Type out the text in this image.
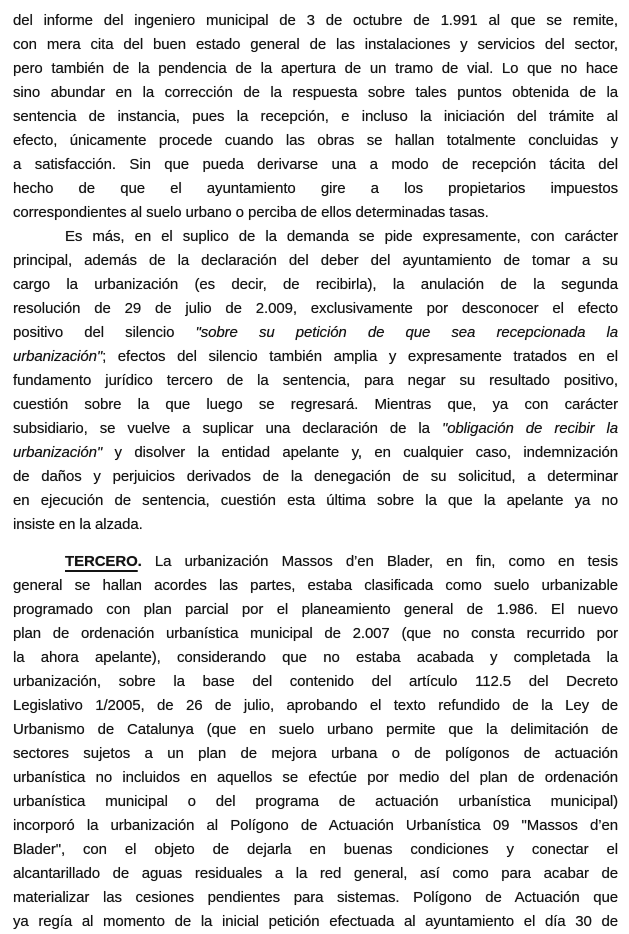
del informe del ingeniero municipal de 3 de octubre de 1.991 al que se remite,
con mera cita del buen estado general de las instalaciones y servicios del sector,
pero también de la pendencia de la apertura de un tramo de vial. Lo que no hace
sino abundar en la corrección de la respuesta sobre tales puntos obtenida de la
sentencia de instancia, pues la recepción, e incluso la iniciación del trámite al
efecto, únicamente procede cuando las obras se hallan totalmente concluidas y
a satisfacción. Sin que pueda derivarse una a modo de recepción tácita del
hecho de que el ayuntamiento gire a los propietarios impuestos
correspondientes al suelo urbano o perciba de ellos determinadas tasas.
Es más, en el suplico de la demanda se pide expresamente, con carácter
principal, además de la declaración del deber del ayuntamiento de tomar a su
cargo la urbanización (es decir, de recibirla), la anulación de la segunda
resolución de 29 de julio de 2.009, exclusivamente por desconocer el efecto
positivo del silencio "sobre su petición de que sea recepcionada la
urbanización"; efectos del silencio también amplia y expresamente tratados en el
fundamento jurídico tercero de la sentencia, para negar su resultado positivo,
cuestión sobre la que luego se regresará. Mientras que, ya con carácter
subsidiario, se vuelve a suplicar una declaración de la "obligación de recibir la
urbanización" y disolver la entidad apelante y, en cualquier caso, indemnización
de daños y perjuicios derivados de la denegación de su solicitud, a determinar
en ejecución de sentencia, cuestión esta última sobre la que la apelante ya no
insiste en la alzada.
TERCERO. La urbanización Massos d’en Blader, en fin, como en tesis
general se hallan acordes las partes, estaba clasificada como suelo urbanizable
programado con plan parcial por el planeamiento general de 1.986. El nuevo
plan de ordenación urbanística municipal de 2.007 (que no consta recurrido por
la ahora apelante), considerando que no estaba acabada y completada la
urbanización, sobre la base del contenido del artículo 112.5 del Decreto
Legislativo 1/2005, de 26 de julio, aprobando el texto refundido de la Ley de
Urbanismo de Catalunya (que en suelo urbano permite que la delimitación de
sectores sujetos a un plan de mejora urbana o de polígonos de actuación
urbanística no incluidos en aquellos se efectúe por medio del plan de ordenación
urbanística municipal o del programa de actuación urbanística municipal)
incorporó la urbanización al Polígono de Actuación Urbanística 09 "Massos d’en
Blader", con el objeto de dejarla en buenas condiciones y conectar el
alcantarillado de aguas residuales a la red general, así como para acabar de
materializar las cesiones pendientes para sistemas. Polígono de Actuación que
ya regía al momento de la inicial petición efectuada al ayuntamiento el día 30 de
